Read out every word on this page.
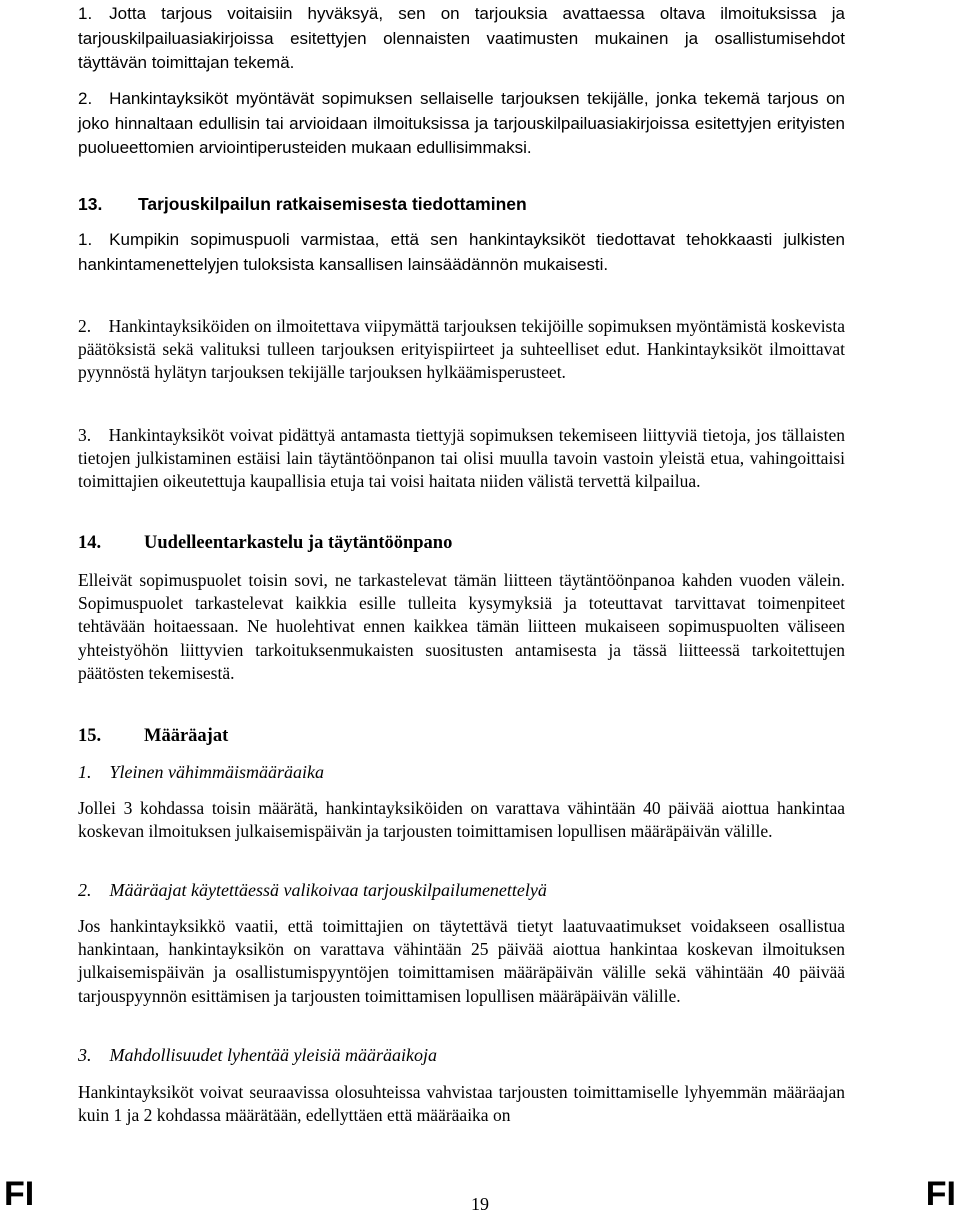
1. Jotta tarjous voitaisiin hyväksyä, sen on tarjouksia avattaessa oltava ilmoituksissa ja tarjouskilpailuasiakirjoissa esitettyjen olennaisten vaatimusten mukainen ja osallistumisehdot täyttävän toimittajan tekemä.

2. Hankintayksiköt myöntävät sopimuksen sellaiselle tarjouksen tekijälle, jonka tekemä tarjous on joko hinnaltaan edullisin tai arvioidaan ilmoituksissa ja tarjouskilpailuasiakirjoissa esitettyjen erityisten puolueettomien arviointiperusteiden mukaan edullisimmaksi.

13. Tarjouskilpailun ratkaisemisesta tiedottaminen

1. Kumpikin sopimuspuoli varmistaa, että sen hankintayksiköt tiedottavat tehokkaasti julkisten hankintamenettelyjen tuloksista kansallisen lainsäädännön mukaisesti.

2. Hankintayksiköiden on ilmoitettava viipymättä tarjouksen tekijöille sopimuksen myöntämistä koskevista päätöksistä sekä valituksi tulleen tarjouksen erityispiirteet ja suhteelliset edut. Hankintayksiköt ilmoittavat pyynnöstä hylätyn tarjouksen tekijälle tarjouksen hylkäämisperusteet.

3. Hankintayksiköt voivat pidättyä antamasta tiettyjä sopimuksen tekemiseen liittyviä tietoja, jos tällaisten tietojen julkistaminen estäisi lain täytäntöönpanon tai olisi muulla tavoin vastoin yleistä etua, vahingoittaisi toimittajien oikeutettuja kaupallisia etuja tai voisi haitata niiden välistä tervettä kilpailua.

14. Uudelleentarkastelu ja täytäntöönpano

Elleivät sopimuspuolet toisin sovi, ne tarkastelevat tämän liitteen täytäntöönpanoa kahden vuoden välein. Sopimuspuolet tarkastelevat kaikkia esille tulleita kysymyksiä ja toteuttavat tarvittavat toimenpiteet tehtävään hoitaessaan. Ne huolehtivat ennen kaikkea tämän liitteen mukaiseen sopimuspuolten väliseen yhteistyöhön liittyvien tarkoituksenmukaisten suositusten antamisesta ja tässä liitteessä tarkoitettujen päätösten tekemisestä.

15. Määräajat
1. Yleinen vähimmäismääräaika

Jollei 3 kohdassa toisin määrätä, hankintayksiköiden on varattava vähintään 40 päivää aiottua hankintaa koskevan ilmoituksen julkaisemispäivän ja tarjousten toimittamisen lopullisen määräpäivän välille.

2. Määräajat käytettäessä valikoivaa tarjouskilpailumenettelyä

Jos hankintayksikkö vaatii, että toimittajien on täytettävä tietyt laatuvaatimukset voidakseen osallistua hankintaan, hankintayksikön on varattava vähintään 25 päivää aiottua hankintaa koskevan ilmoituksen julkaisemispäivän ja osallistumispyyntöjen toimittamisen määräpäivän välille sekä vähintään 40 päivää tarjouspyynnön esittämisen ja tarjousten toimittamisen lopullisen määräpäivän välille.

3. Mahdollisuudet lyhentää yleisiä määräaikoja

Hankintayksiköt voivat seuraavissa olosuhteissa vahvistaa tarjousten toimittamiselle lyhyemmän määräajan kuin 1 ja 2 kohdassa määrätään, edellyttäen että määräaika on

FI	19	FI
